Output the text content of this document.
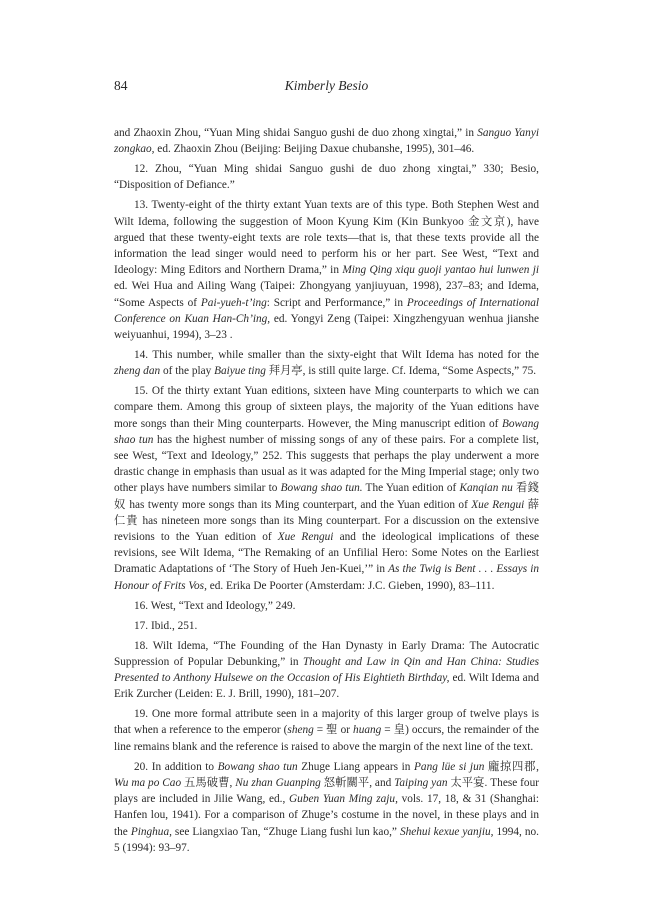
84	Kimberly Besio

and Zhaoxin Zhou, “Yuan Ming shidai Sanguo gushi de duo zhong xingtai,” in Sanguo Yanyi zongkao, ed. Zhaoxin Zhou (Beijing: Beijing Daxue chubanshe, 1995), 301–46.

12. Zhou, “Yuan Ming shidai Sanguo gushi de duo zhong xingtai,” 330; Besio, “Disposition of Defiance.”

13. Twenty-eight of the thirty extant Yuan texts are of this type. Both Stephen West and Wilt Idema, following the suggestion of Moon Kyung Kim (Kin Bunkyoo 金文京), have argued that these twenty-eight texts are role texts—that is, that these texts provide all the information the lead singer would need to perform his or her part. See West, “Text and Ideology: Ming Editors and Northern Drama,” in Ming Qing xiqu guoji yantao hui lunwen ji ed. Wei Hua and Ailing Wang (Taipei: Zhongyang yanjiuyuan, 1998), 237–83; and Idema, “Some Aspects of Pai-yueh-t’ing: Script and Performance,” in Proceedings of International Conference on Kuan Han-Ch’ing, ed. Yongyi Zeng (Taipei: Xingzhengyuan wenhua jianshe weiyuanhui, 1994), 3–23 .

14. This number, while smaller than the sixty-eight that Wilt Idema has noted for the zheng dan of the play Baiyue ting 拜月亭, is still quite large. Cf. Idema, “Some Aspects,” 75.

15. Of the thirty extant Yuan editions, sixteen have Ming counterparts to which we can compare them. Among this group of sixteen plays, the majority of the Yuan editions have more songs than their Ming counterparts. However, the Ming manuscript edition of Bowang shao tun has the highest number of missing songs of any of these pairs. For a complete list, see West, “Text and Ideology,” 252. This suggests that perhaps the play underwent a more drastic change in emphasis than usual as it was adapted for the Ming Imperial stage; only two other plays have numbers similar to Bowang shao tun. The Yuan edition of Kanqian nu 看錢奴 has twenty more songs than its Ming counterpart, and the Yuan edition of Xue Rengui 薛仁貴 has nineteen more songs than its Ming counterpart. For a discussion on the extensive revisions to the Yuan edition of Xue Rengui and the ideological implications of these revisions, see Wilt Idema, “The Remaking of an Unfilial Hero: Some Notes on the Earliest Dramatic Adaptations of ‘The Story of Hueh Jen-Kuei,’” in As the Twig is Bent . . . Essays in Honour of Frits Vos, ed. Erika De Poorter (Amsterdam: J.C. Gieben, 1990), 83–111.

16. West, “Text and Ideology,” 249.

17. Ibid., 251.

18. Wilt Idema, “The Founding of the Han Dynasty in Early Drama: The Autocratic Suppression of Popular Debunking,” in Thought and Law in Qin and Han China: Studies Presented to Anthony Hulsewe on the Occasion of His Eightieth Birthday, ed. Wilt Idema and Erik Zurcher (Leiden: E. J. Brill, 1990), 181–207.

19. One more formal attribute seen in a majority of this larger group of twelve plays is that when a reference to the emperor (sheng = 聖 or huang = 皇) occurs, the remainder of the line remains blank and the reference is raised to above the margin of the next line of the text.

20. In addition to Bowang shao tun Zhuge Liang appears in Pang lüe si jun 龐掠四郡, Wu ma po Cao 五馬破曹, Nu zhan Guanping 怒斬關平, and Taiping yan 太平宴. These four plays are included in Jilie Wang, ed., Guben Yuan Ming zaju, vols. 17, 18, & 31 (Shanghai: Hanfen lou, 1941). For a comparison of Zhuge’s costume in the novel, in these plays and in the Pinghua, see Liangxiao Tan, “Zhuge Liang fushi lun kao,” Shehui kexue yanjiu, 1994, no. 5 (1994): 93–97.
